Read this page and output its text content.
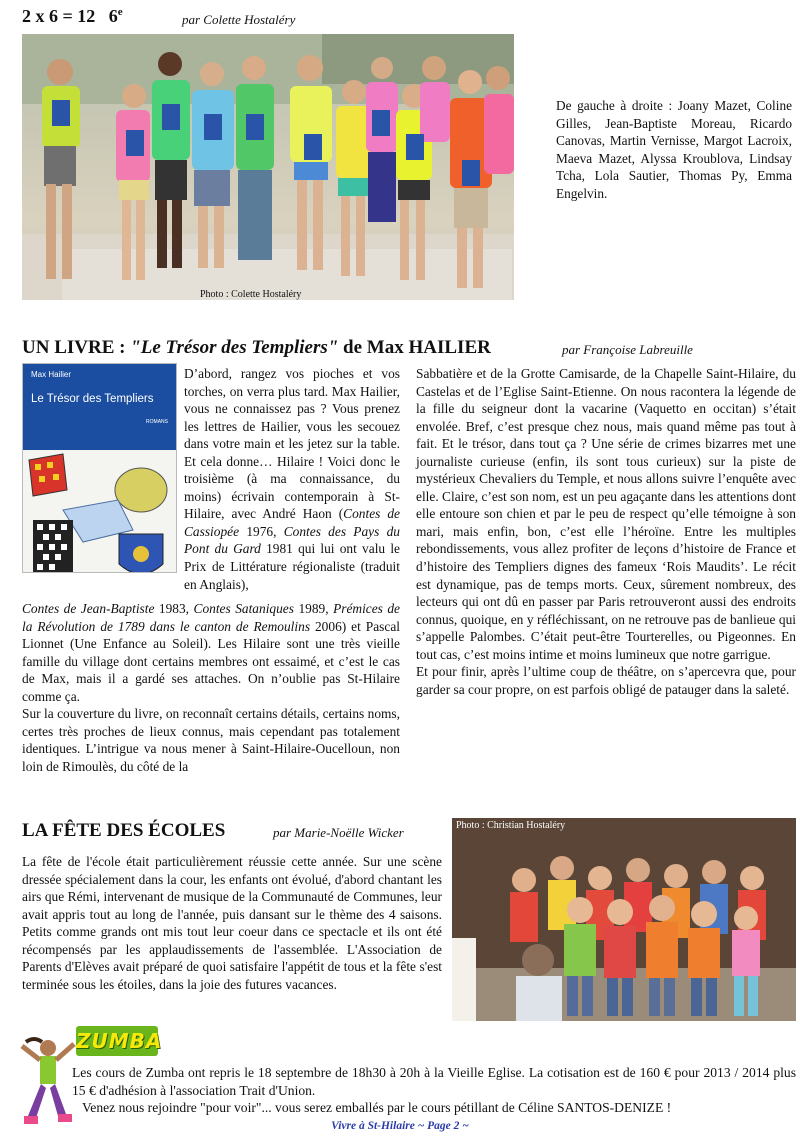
2 x 6 = 12 6e	par Colette Hostaléry
Photo : Colette Hostaléry
De gauche à droite : Joany Mazet, Coline Gilles, Jean-Baptiste Moreau, Ricardo Canovas, Martin Vernisse, Margot Lacroix, Maeva Mazet, Alyssa Kroublova, Lindsay Tcha, Lola Sautier, Thomas Py, Emma Engelvin.
UN LIVRE : "Le Trésor des Templiers" de Max HAILIER	par Françoise Labreuille
Max Hailier
Le Trésor des Templiers
ROMANS
D’abord, rangez vos pioches et vos torches, on verra plus tard. Max Hailier, vous ne connaissez pas ? Vous prenez les lettres de Hailier, vous les secouez dans votre main et les jetez sur la table. Et cela donne… Hilaire ! Voici donc le troisième (à ma connaissance, du moins) écrivain contemporain à St-Hilaire, avec André Haon (Contes de Cassiopée 1976, Contes des Pays du Pont du Gard 1981 qui lui ont valu le Prix de Littérature régionaliste (traduit en Anglais),
Contes de Jean-Baptiste 1983, Contes Sataniques 1989, Prémices de la Révolution de 1789 dans le canton de Remoulins 2006) et Pascal Lionnet (Une Enfance au Soleil). Les Hilaire sont une très vieille famille du village dont certains membres ont essaimé, et c’est le cas de Max, mais il a gardé ses attaches. On n’oublie pas St-Hilaire comme ça.
Sur la couverture du livre, on reconnaît certains détails, certains noms, certes très proches de lieux connus, mais cependant pas totalement identiques. L’intrigue va nous mener à Saint-Hilaire-Oucelloun, non loin de Rimoulès, du côté de la
Sabbatière et de la Grotte Camisarde, de la Chapelle Saint-Hilaire, du Castelas et de l’Eglise Saint-Etienne. On nous racontera la légende de la fille du seigneur dont la vacarine (Vaquetto en occitan) s’était envolée. Bref, c’est presque chez nous, mais quand même pas tout à fait. Et le trésor, dans tout ça ? Une série de crimes bizarres met une journaliste curieuse (enfin, ils sont tous curieux) sur la piste de mystérieux Chevaliers du Temple, et nous allons suivre l’enquête avec elle. Claire, c’est son nom, est un peu agaçante dans les attentions dont elle entoure son chien et par le peu de respect qu’elle témoigne à son mari, mais enfin, bon, c’est elle l’héroïne. Entre les multiples rebondissements, vous allez profiter de leçons d’histoire de France et d’histoire des Templiers dignes des fameux ‘Rois Maudits’. Le récit est dynamique, pas de temps morts. Ceux, sûrement nombreux, des lecteurs qui ont dû en passer par Paris retrouveront aussi des endroits connus, quoique, en y réfléchissant, on ne retrouve pas de banlieue qui s’appelle Palombes. C’était peut-être Tourterelles, ou Pigeonnes. En tout cas, c’est moins intime et moins lumineux que notre garrigue.
Et pour finir, après l’ultime coup de théâtre, on s’apercevra que, pour garder sa cour propre, on est parfois obligé de patauger dans la saleté.
LA FÊTE DES ÉCOLES	par Marie-Noëlle Wicker
La fête de l'école était particulièrement réussie cette année. Sur une scène dressée spécialement dans la cour, les enfants ont évolué, d'abord chantant les airs que Rémi, intervenant de musique de la Communauté de Communes, leur avait appris tout au long de l'année, puis dansant sur le thème des 4 saisons. Petits comme grands ont mis tout leur coeur dans ce spectacle et ils ont été récompensés par les applaudissements de l'assemblée. L'Association de Parents d'Elèves avait préparé de quoi satisfaire l'appétit de tous et la fête s'est terminée sous les étoiles, dans la joie des futures vacances.
Photo : Christian Hostaléry
ZUMBA
Les cours de Zumba ont repris le 18 septembre de 18h30 à 20h à la Vieille Eglise. La cotisation est de 160 € pour 2013 / 2014 plus 15 € d'adhésion à l'association Trait d'Union.
Venez nous rejoindre "pour voir"... vous serez emballés par le cours pétillant de Céline SANTOS-DENIZE !
Vivre à St-Hilaire ~ Page 2 ~
